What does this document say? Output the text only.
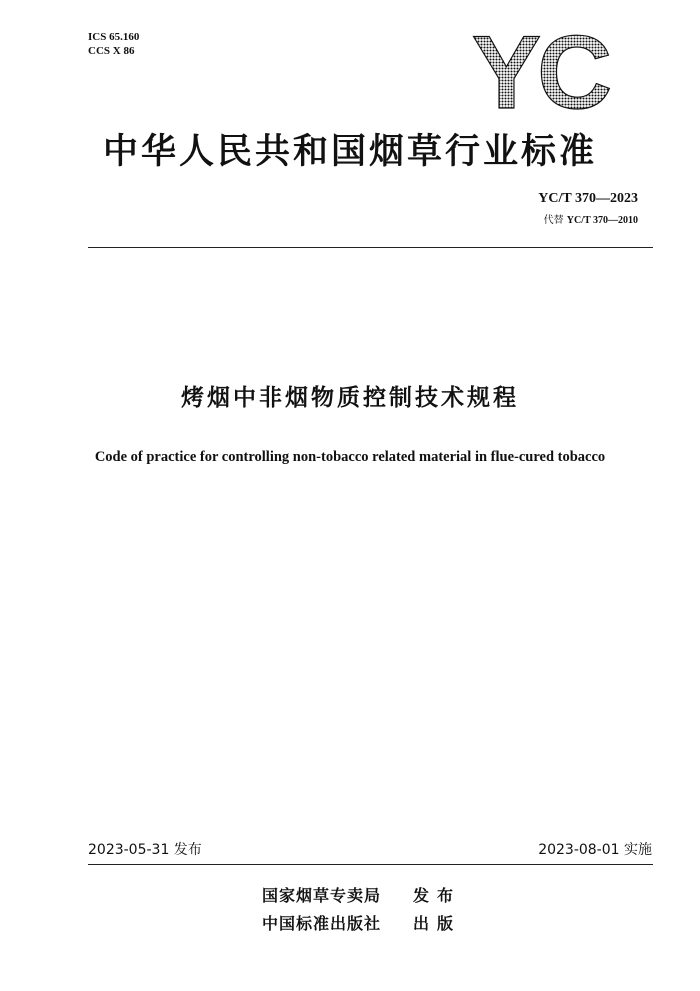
ICS 65.160
CCS X 86	YC
中华人民共和国烟草行业标准
YC/T 370—2023
代替 YC/T 370—2010
烤烟中非烟物质控制技术规程
Code of practice for controlling non-tobacco related material in flue-cured tobacco
2023-05-31 发布	2023-08-01 实施
国家烟草专卖局 发布
中国标准出版社 出版
